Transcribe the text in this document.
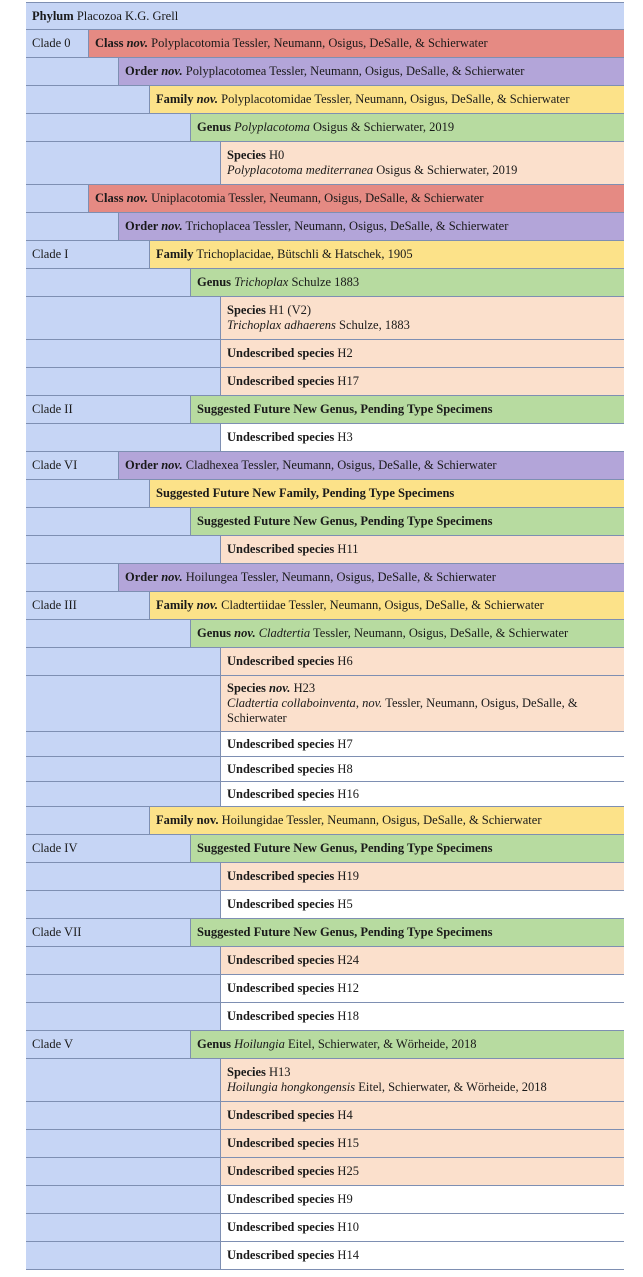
Phylum Placozoa K.G. Grell
Clade 0 Class nov. Polyplacotomia Tessler, Neumann, Osigus, DeSalle, & Schierwater
Order nov. Polyplacotomea Tessler, Neumann, Osigus, DeSalle, & Schierwater
Family nov. Polyplacotomidae Tessler, Neumann, Osigus, DeSalle, & Schierwater
Genus Polyplacotoma Osigus & Schierwater, 2019
Species H0
Polyplacotoma mediterranea Osigus & Schierwater, 2019
Class nov. Uniplacotomia Tessler, Neumann, Osigus, DeSalle, & Schierwater
Order nov. Trichoplacea Tessler, Neumann, Osigus, DeSalle, & Schierwater
Clade I	Family Trichoplacidae, Bütschli & Hatschek, 1905
Genus Trichoplax Schulze 1883
Species H1 (V2)
Trichoplax adhaerens Schulze, 1883
Undescribed species H2
Undescribed species H17
Clade II	Suggested Future New Genus, Pending Type Specimens
Undescribed species H3
Clade VI	Order nov. Cladhexea Tessler, Neumann, Osigus, DeSalle, & Schierwater
Suggested Future New Family, Pending Type Specimens
Suggested Future New Genus, Pending Type Specimens
Undescribed species H11
Order nov. Hoilungea Tessler, Neumann, Osigus, DeSalle, & Schierwater
Clade III	Family nov. Cladtertiidae Tessler, Neumann, Osigus, DeSalle, & Schierwater
Genus nov. Cladtertia Tessler, Neumann, Osigus, DeSalle, & Schierwater
Undescribed species H6
Species nov. H23
Cladtertia collaboinventa, nov. Tessler, Neumann, Osigus, DeSalle, &
Schierwater
Undescribed species H7
Undescribed species H8
Undescribed species H16
Family nov. Hoilungidae Tessler, Neumann, Osigus, DeSalle, & Schierwater
Clade IV	Suggested Future New Genus, Pending Type Specimens
Undescribed species H19
Undescribed species H5
Clade VII	Suggested Future New Genus, Pending Type Specimens
Undescribed species H24
Undescribed species H12
Undescribed species H18
Clade V	Genus Hoilungia Eitel, Schierwater, & Wörheide, 2018
Species H13
Hoilungia hongkongensis Eitel, Schierwater, & Wörheide, 2018
Undescribed species H4
Undescribed species H15
Undescribed species H25
Undescribed species H9
Undescribed species H10
Undescribed species H14
